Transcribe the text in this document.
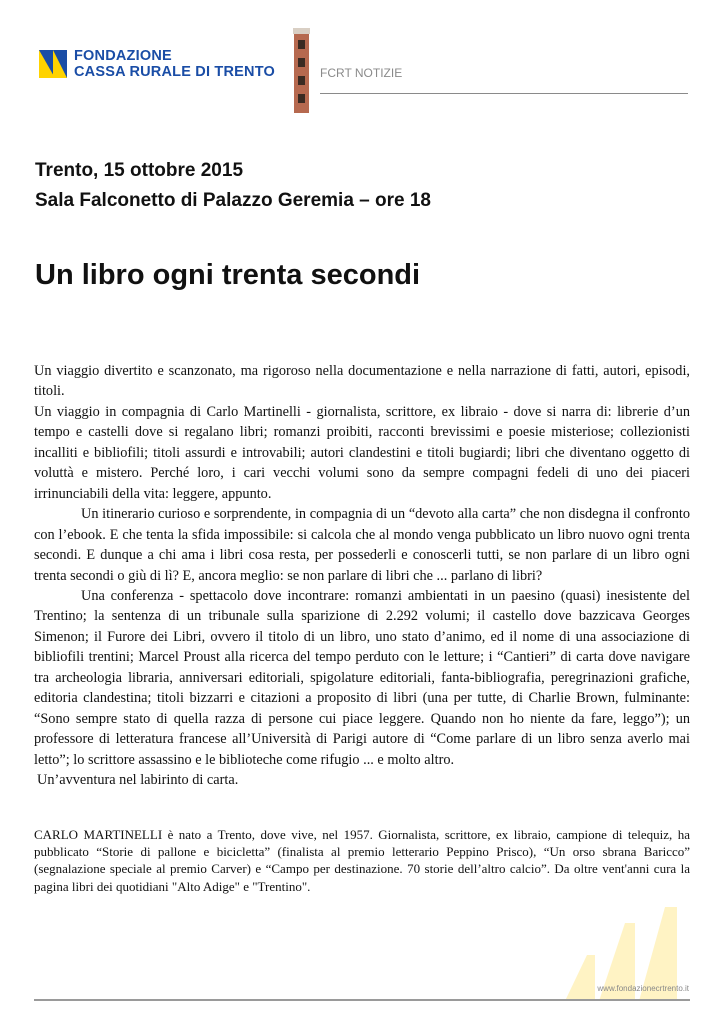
FONDAZIONE
CASSA RURALE DI TRENTO	FCRT NOTIZIE
Trento, 15 ottobre 2015
Sala Falconetto di Palazzo Geremia – ore 18
Un libro ogni trenta secondi

Un viaggio divertito e scanzonato, ma rigoroso nella documentazione e nella narrazione di fatti, autori, episodi, titoli.

Un viaggio in compagnia di Carlo Martinelli - giornalista, scrittore, ex libraio - dove si narra di: librerie d’un tempo e castelli dove si regalano libri; romanzi proibiti, racconti brevissimi e poesie misteriose; collezionisti incalliti e bibliofili; titoli assurdi e introvabili; autori clandestini e titoli bugiardi; libri che diventano oggetto di voluttà e mistero. Perché loro, i cari vecchi volumi sono da sempre compagni fedeli di uno dei piaceri irrinunciabili della vita: leggere, appunto.

Un itinerario curioso e sorprendente, in compagnia di un “devoto alla carta” che non disdegna il confronto con l’ebook. E che tenta la sfida impossibile: si calcola che al mondo venga pubblicato un libro nuovo ogni trenta secondi. E dunque a chi ama i libri cosa resta, per possederli e conoscerli tutti, se non parlare di un libro ogni trenta secondi o giù di lì? E, ancora meglio: se non parlare di libri che ... parlano di libri?

Una conferenza - spettacolo dove incontrare: romanzi ambientati in un paesino (quasi) inesistente del Trentino; la sentenza di un tribunale sulla sparizione di 2.292 volumi; il castello dove bazzicava Georges Simenon; il Furore dei Libri, ovvero il titolo di un libro, uno stato d’animo, ed il nome di una associazione di bibliofili trentini; Marcel Proust alla ricerca del tempo perduto con le letture; i “Cantieri” di carta dove navigare tra archeologia libraria, anniversari editoriali, spigolature editoriali, fanta-bibliografia, peregrinazioni grafiche, editoria clandestina; titoli bizzarri e citazioni a proposito di libri (una per tutte, di Charlie Brown, fulminante: “Sono sempre stato di quella razza di persone cui piace leggere. Quando non ho niente da fare, leggo”); un professore di letteratura francese all’Università di Parigi autore di “Come parlare di un libro senza averlo mai letto”; lo scrittore assassino e le biblioteche come rifugio ... e molto altro.

Un’avventura nel labirinto di carta.

CARLO MARTINELLI è nato a Trento, dove vive, nel 1957. Giornalista, scrittore, ex libraio, campione di telequiz, ha pubblicato “Storie di pallone e bicicletta” (finalista al premio letterario Peppino Prisco), “Un orso sbrana Baricco” (segnalazione speciale al premio Carver) e “Campo per destinazione. 70 storie dell’altro calcio”. Da oltre vent'anni cura la pagina libri dei quotidiani "Alto Adige" e "Trentino".

www.fondazionecrtrento.it
